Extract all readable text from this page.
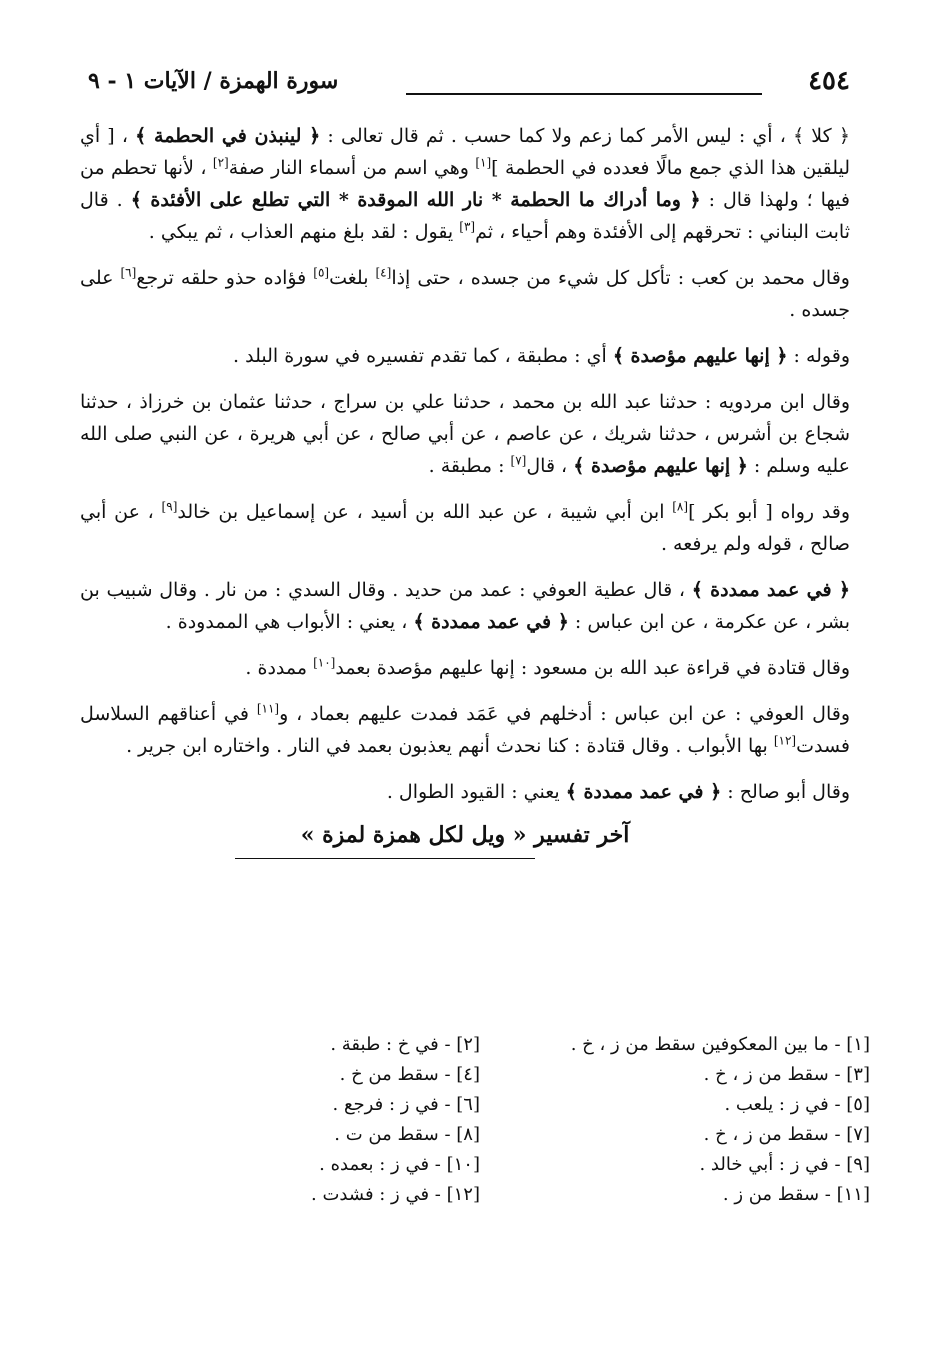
٤٥٤
سورة الهمزة / الآيات ١ - ٩

﴿ كلا ﴾ ، أي : ليس الأمر كما زعم ولا كما حسب . ثم قال تعالى : ﴿ لينبذن في الحطمة ﴾ ، [ أي ليلقين هذا الذي جمع مالًا فعدده في الحطمة ][١] وهي اسم من أسماء النار صفة[٢] ، لأنها تحطم من فيها ؛ ولهذا قال : ﴿ وما أدراك ما الحطمة * نار الله الموقدة * التي تطلع على الأفئدة ﴾ . قال ثابت البناني : تحرقهم إلى الأفئدة وهم أحياء ، ثم[٣] يقول : لقد بلغ منهم العذاب ، ثم يبكي .

وقال محمد بن كعب : تأكل كل شيء من جسده ، حتى إذا[٤] بلغت[٥] فؤاده حذو حلقه ترجع[٦] على جسده .

وقوله : ﴿ إنها عليهم مؤصدة ﴾ أي : مطبقة ، كما تقدم تفسيره في سورة البلد .

وقال ابن مردويه : حدثنا عبد الله بن محمد ، حدثنا علي بن سراج ، حدثنا عثمان بن خرزاذ ، حدثنا شجاع بن أشرس ، حدثنا شريك ، عن عاصم ، عن أبي صالح ، عن أبي هريرة ، عن النبي صلى الله عليه وسلم : ﴿ إنها عليهم مؤصدة ﴾ ، قال[٧] : مطبقة .

وقد رواه [ أبو بكر ][٨] ابن أبي شيبة ، عن عبد الله بن أسيد ، عن إسماعيل بن خالد[٩] ، عن أبي صالح ، قوله ولم يرفعه .

﴿ في عمد ممددة ﴾ ، قال عطية العوفي : عمد من حديد . وقال السدي : من نار . وقال شبيب بن بشر ، عن عكرمة ، عن ابن عباس : ﴿ في عمد ممددة ﴾ ، يعني : الأبواب هي الممدودة .

وقال قتادة في قراءة عبد الله بن مسعود : إنها عليهم مؤصدة بعمد[١٠] ممددة .

وقال العوفي : عن ابن عباس : أدخلهم في عَمَد فمدت عليهم بعماد ، و[١١] في أعناقهم السلاسل فسدت[١٢] بها الأبواب . وقال قتادة : كنا نحدث أنهم يعذبون بعمد في النار . واختاره ابن جرير .

وقال أبو صالح : ﴿ في عمد ممددة ﴾ يعني : القيود الطوال .

آخر تفسير « ويل لكل همزة لمزة »
[١] - ما بين المعكوفين سقط من ز ، خ .
[٣] - سقط من ز ، خ .
[٥] - في ز : يلعب .
[٧] - سقط من ز ، خ .
[٩] - في ز : أبي خالد .
[١١] - سقط من ز .
[٢] - في خ : طبقة .
[٤] - سقط من خ .
[٦] - في ز : فرجع .
[٨] - سقط من ت .
[١٠] - في ز : بعمده .
[١٢] - في ز : فشدت .
